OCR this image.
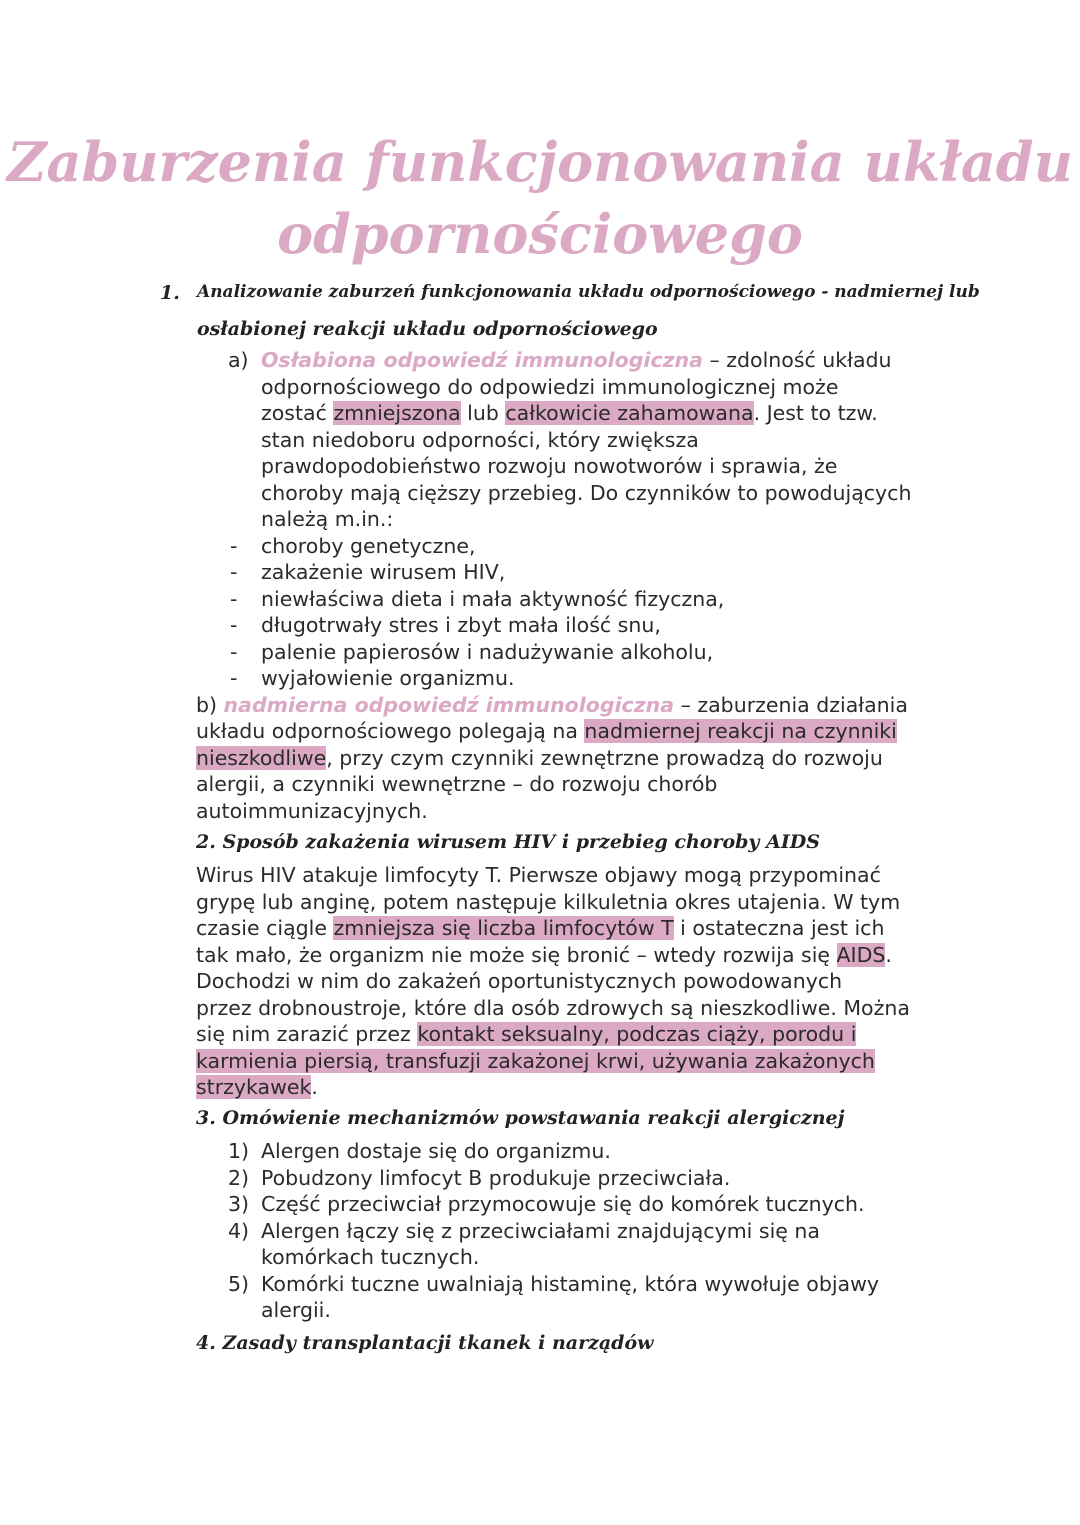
Zaburzenia funkcjonowania układu
odpornościowego
1. Analizowanie zaburzeń funkcjonowania układu odpornościowego - nadmiernej lub
osłabionej reakcji układu odpornościowego
a) Osłabiona odpowiedź immunologiczna – zdolność układu
odpornościowego do odpowiedzi immunologicznej może
zostać zmniejszona lub całkowicie zahamowana. Jest to tzw.
stan niedoboru odporności, który zwiększa
prawdopodobieństwo rozwoju nowotworów i sprawia, że
choroby mają cięższy przebieg. Do czynników to powodujących
należą m.in.:
- choroby genetyczne,
- zakażenie wirusem HIV,
- niewłaściwa dieta i mała aktywność fizyczna,
- długotrwały stres i zbyt mała ilość snu,
- palenie papierosów i nadużywanie alkoholu,
- wyjałowienie organizmu.
b) nadmierna odpowiedź immunologiczna – zaburzenia działania
układu odpornościowego polegają na nadmiernej reakcji na czynniki
nieszkodliwe, przy czym czynniki zewnętrzne prowadzą do rozwoju
alergii, a czynniki wewnętrzne – do rozwoju chorób
autoimmunizacyjnych.
2. Sposób zakażenia wirusem HIV i przebieg choroby AIDS
Wirus HIV atakuje limfocyty T. Pierwsze objawy mogą przypominać
grypę lub anginę, potem następuje kilkuletnia okres utajenia. W tym
czasie ciągle zmniejsza się liczba limfocytów T i ostateczna jest ich
tak mało, że organizm nie może się bronić – wtedy rozwija się AIDS.
Dochodzi w nim do zakażeń oportunistycznych powodowanych
przez drobnoustroje, które dla osób zdrowych są nieszkodliwe. Można
się nim zarazić przez kontakt seksualny, podczas ciąży, porodu i
karmienia piersią, transfuzji zakażonej krwi, używania zakażonych
strzykawek.
3. Omówienie mechanizmów powstawania reakcji alergicznej
1) Alergen dostaje się do organizmu.
2) Pobudzony limfocyt B produkuje przeciwciała.
3) Część przeciwciał przymocowuje się do komórek tucznych.
4) Alergen łączy się z przeciwciałami znajdującymi się na
komórkach tucznych.
5) Komórki tuczne uwalniają histaminę, która wywołuje objawy
alergii.
4. Zasady transplantacji tkanek i narządów
